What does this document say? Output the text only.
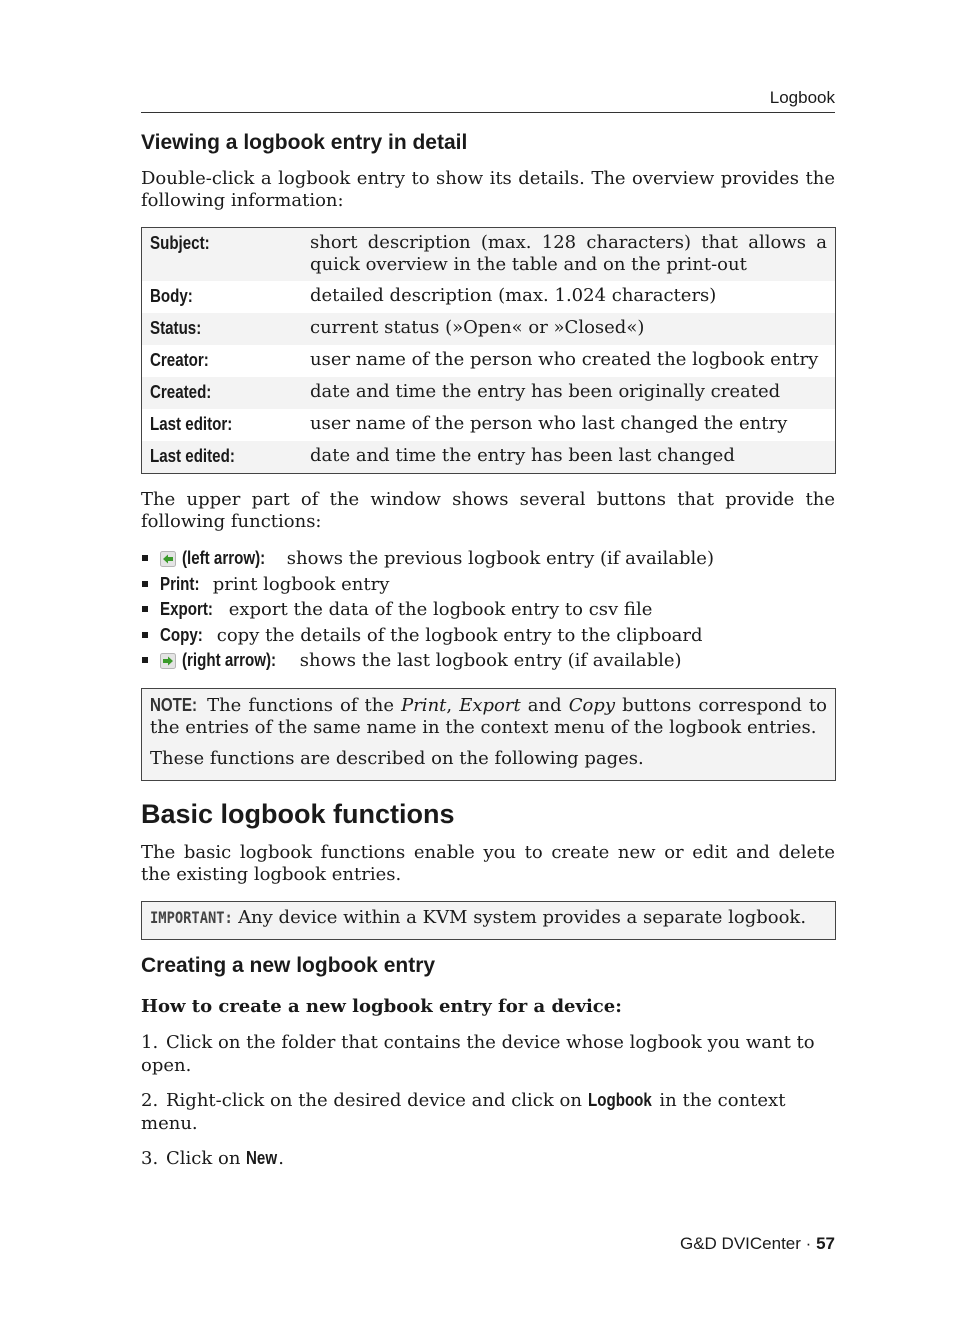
Logbook
Viewing a logbook entry in detail

Double-click a logbook entry to show its details. The overview provides the following information:

Subject:	short description (max. 128 characters) that allows a quick overview in the table and on the print-out
Body:	detailed description (max. 1.024 characters)
Status:	current status (»Open« or »Closed«)
Creator:	user name of the person who created the logbook entry
Created:	date and time the entry has been originally created
Last editor:	user name of the person who last changed the entry
Last edited:	date and time the entry has been last changed

The upper part of the window shows several buttons that provide the following functions:

(left arrow): shows the previous logbook entry (if available)
Print: print logbook entry
Export: export the data of the logbook entry to csv file
Copy: copy the details of the logbook entry to the clipboard
(right arrow): shows the last logbook entry (if available)

NOTE: The functions of the Print, Export and Copy buttons correspond to the entries of the same name in the context menu of the logbook entries.

These functions are described on the following pages.

Basic logbook functions

The basic logbook functions enable you to create new or edit and delete the existing logbook entries.

IMPORTANT: Any device within a KVM system provides a separate logbook.
Creating a new logbook entry

How to create a new logbook entry for a device:

1. Click on the folder that contains the device whose logbook you want to open.
2. Right-click on the desired device and click on Logbook in the context menu.
3. Click on New.
G&D DVICenter · 57
